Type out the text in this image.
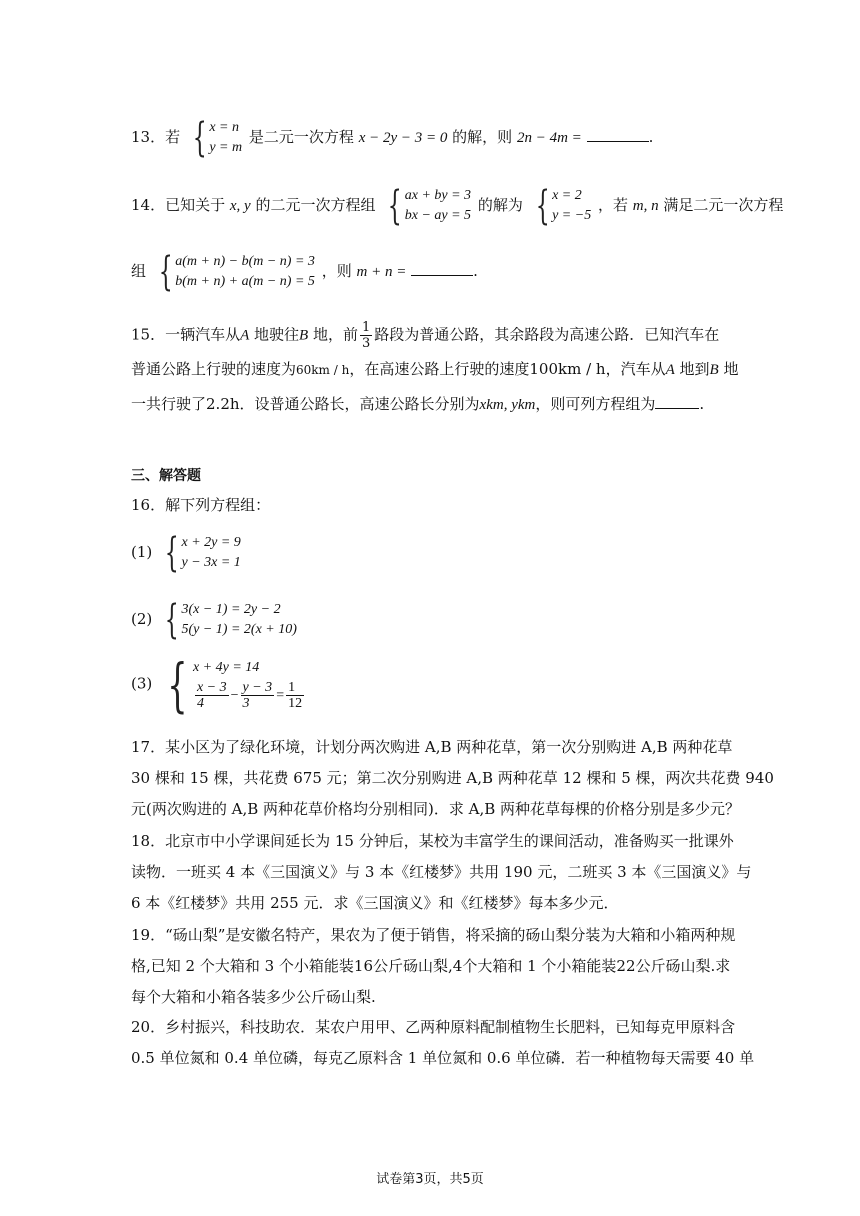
13．若 { x = n
y = m
是二元一次方程 x − 2y − 3 = 0 的解，则 2n − 4m =	.
14．已知关于 x, y 的二元一次方程组 { ax + by = 3
bx − ay = 5
的解为 { x = 2
y = −5
，若 m, n 满足二元一次方程
组 { a(m + n) − b(m − n) = 3
b(m + n) + a(m − n) = 5
，则 m + n =	.
15．一辆汽车从A 地驶往B 地，前 $\frac{1}{3}$ 路段为普通公路，其余路段为高速公路．已知汽车在
普通公路上行驶的速度为60km / h，在高速公路上行驶的速度100km / h，汽车从A 地到B 地
一共行驶了2.2h．设普通公路长，高速公路长分别为xkm, ykm，则可列方程组为	.
三、解答题
16．解下列方程组：
(1) { x + 2y = 9
y − 3x = 1
(2) { 3(x − 1) = 2y − 2
5(y − 1) = 2(x + 10)
(3) { x + 4y = 14
$\frac{x - 3}{4} - \frac{y - 3}{3} = \frac{1}{12}$

17．某小区为了绿化环境，计划分两次购进 A,B 两种花草，第一次分别购进 A,B 两种花草

30 棵和 15 棵，共花费 675 元；第二次分别购进 A,B 两种花草 12 棵和 5 棵，两次共花费 940

元(两次购进的 A,B 两种花草价格均分别相同)．求 A,B 两种花草每棵的价格分别是多少元？

18．北京市中小学课间延长为 15 分钟后，某校为丰富学生的课间活动，准备购买一批课外

读物．一班买 4 本《三国演义》与 3 本《红楼梦》共用 190 元，二班买 3 本《三国演义》与

6 本《红楼梦》共用 255 元．求《三国演义》和《红楼梦》每本多少元．

19．“砀山梨”是安徽名特产，果农为了便于销售，将采摘的砀山梨分装为大箱和小箱两种规

格,已知 2 个大箱和 3 个小箱能装16公斤砀山梨,4个大箱和 1 个小箱能装22公斤砀山梨.求

每个大箱和小箱各装多少公斤砀山梨.

20．乡村振兴，科技助农．某农户用甲、乙两种原料配制植物生长肥料，已知每克甲原料含

0.5 单位氮和 0.4 单位磷，每克乙原料含 1 单位氮和 0.6 单位磷．若一种植物每天需要 40 单

试卷第3页，共5页
